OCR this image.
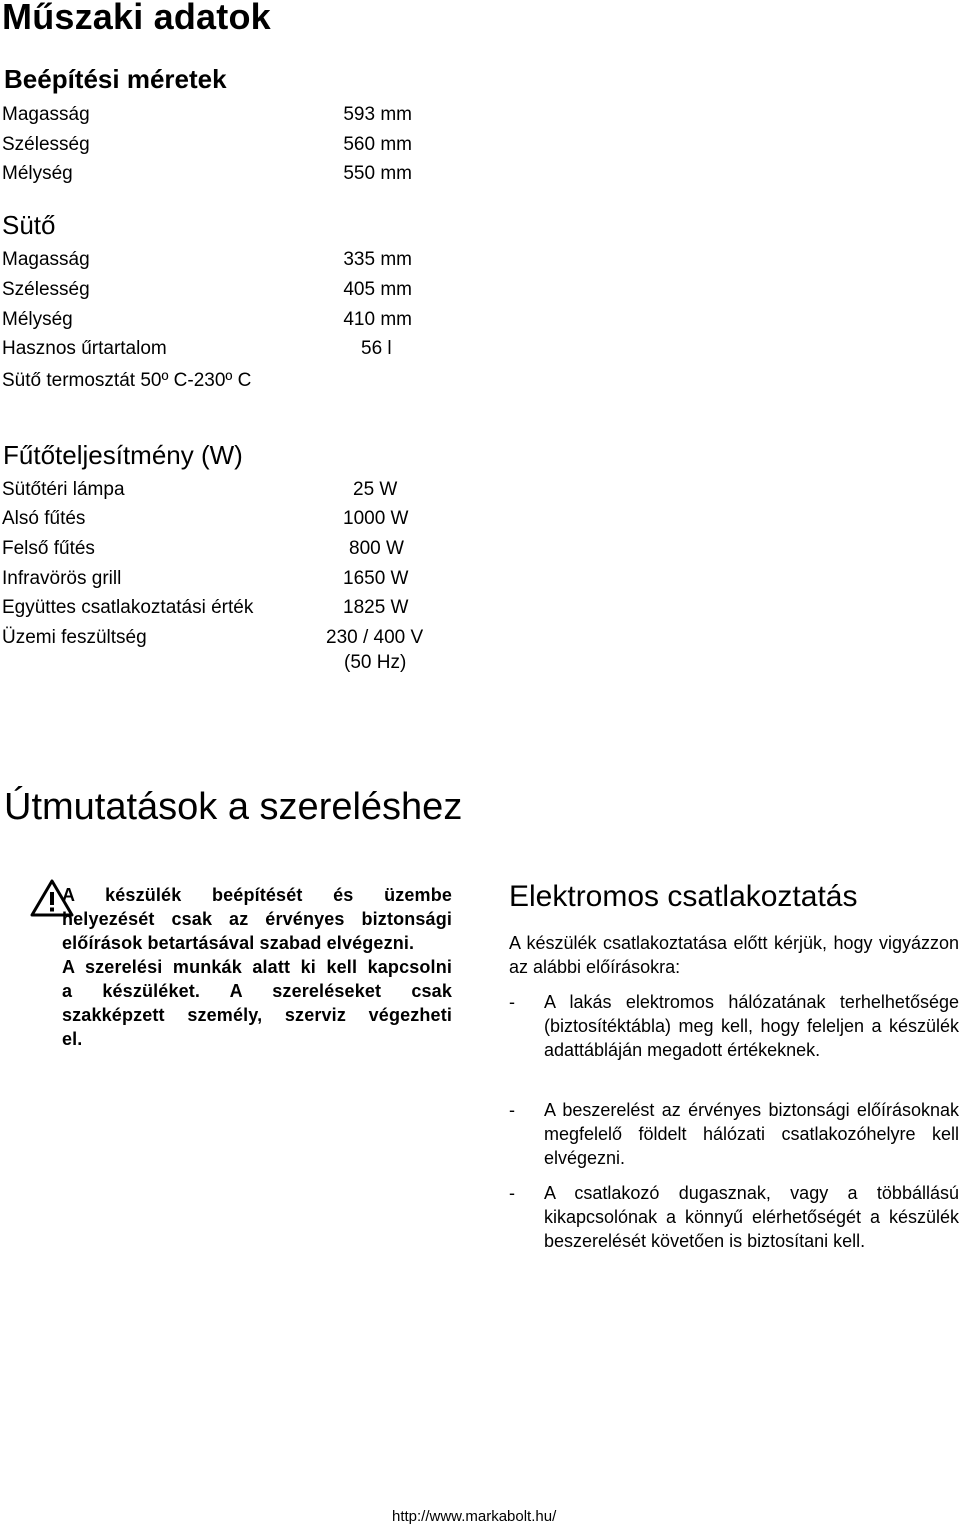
Műszaki adatok
Beépítési méretek
Magasság	593 mm
Szélesség	560 mm
Mélység	550 mm
Sütő
Magasság	335 mm
Szélesség	405 mm
Mélység	410 mm
Hasznos űrtartalom	56 l
Sütő termosztát 50º C-230º C
Fűtőteljesítmény (W)
Sütőtéri lámpa	25 W
Alsó fűtés	1000 W
Felső fűtés	800 W
Infravörös grill	1650 W
Együttes csatlakoztatási érték	1825 W
Üzemi feszültség	230 / 400 V
(50 Hz)
Útmutatások a szereléshez
A készülék beépítését és üzembe
helyezését csak az érvényes biztonsági
előírások betartásával szabad elvégezni.
A szerelési munkák alatt ki kell kapcsolni
a készüléket. A szereléseket csak
szakképzett személy, szerviz végezheti
el.
Elektromos csatlakoztatás
A készülék csatlakoztatása előtt kérjük, hogy vigyázzon az alábbi előírásokra:
- A lakás elektromos hálózatának terhelhetősége (biztosítéktábla) meg kell, hogy feleljen a készülék adattábláján megadott értékeknek.
- A beszerelést az érvényes biztonsági előírásoknak megfelelő földelt hálózati csatlakozóhelyre kell elvégezni.
- A csatlakozó dugasznak, vagy a többállású kikapcsolónak a könnyű elérhetőségét a készülék beszerelését követően is biztosítani kell.
http://www.markabolt.hu/
